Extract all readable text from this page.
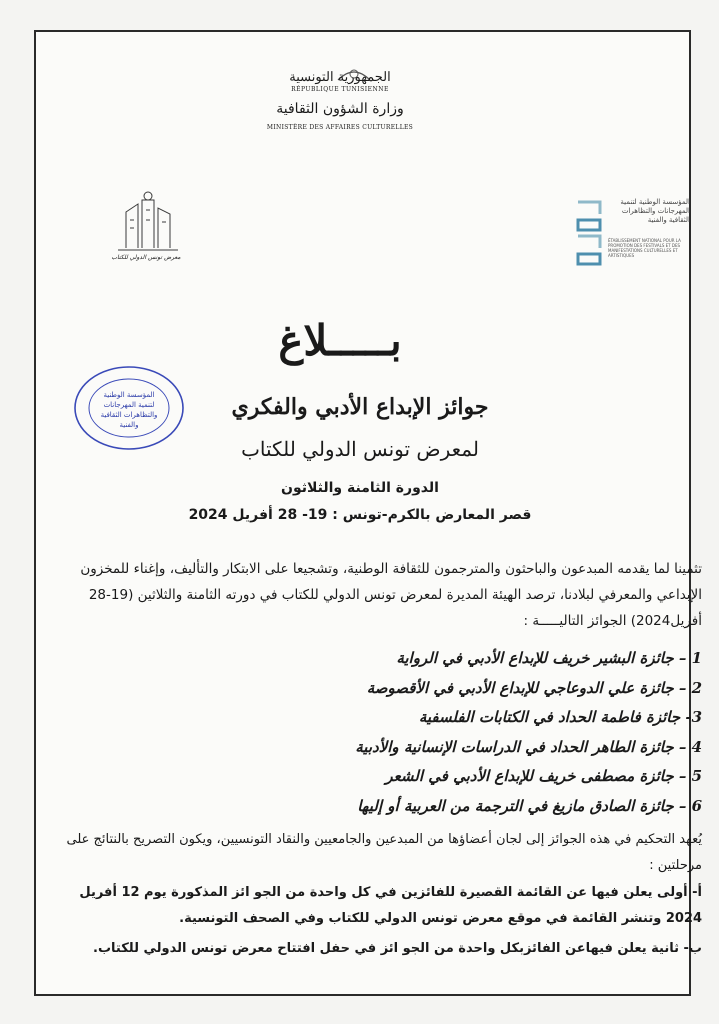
الجمهورية التونسية
RÉPUBLIQUE TUNISIENNE
وزارة الشؤون الثقافية
MINISTÈRE DES AFFAIRES CULTURELLES
معرض تونس الدولي للكتاب
المؤسسة الوطنية لتنمية المهرجانات والتظاهرات الثقافية والفنية
ÉTABLISSEMENT NATIONAL POUR LA PROMOTION DES FESTIVALS ET DES MANIFESTATIONS CULTURELLES ET ARTISTIQUES
المؤسسة الوطنية
لتنمية المهرجانات
والتظاهرات الثقافية
والفنية
بـــــلاغ
جوائز الإبداع الأدبي والفكري
لمعرض تونس الدولي للكتاب
الدورة الثامنة والثلاثون
قصر المعارض بالكرم-تونس : 19- 28 أفريل 2024
تثمينا لما يقدمه المبدعون والباحثون والمترجمون للثقافة الوطنية، وتشجيعا على الابتكار والتأليف، وإغناء للمخزون الإبداعي والمعرفي لبلادنا، ترصد الهيئة المديرة لمعرض تونس الدولي للكتاب في دورته الثامنة والثلاثين (19-28 أفريل2024) الجوائز التاليـــــة :
1 – جائزة البشير خريف للإبداع الأدبي في الرواية
2 – جائزة علي الدوعاجي للإبداع الأدبي في الأقصوصة
3- جائزة فاطمة الحداد في الكتابات الفلسفية
4 – جائزة الطاهر الحداد في الدراسات الإنسانية والأدبية
5 – جائزة مصطفى خريف للإبداع الأدبي في الشعر
6 – جائزة الصادق مازيغ في الترجمة من العربية أو إليها
يُعهد التحكيم في هذه الجوائز إلى لجان أعضاؤها من المبدعين والجامعيين والنقاد التونسيين، ويكون التصريح بالنتائج على مرحلتين :
أ- أولى يعلن فيها عن القائمة القصيرة للفائزين في كل واحدة من الجو ائز المذكورة يوم 12 أفريل 2024 وتنشر القائمة في موقع معرض تونس الدولي للكتاب وفي الصحف التونسية.
ب- ثانية يعلن فيهاعن الفائزبكل واحدة من الجو ائز في حفل افتتاح معرض تونس الدولي للكتاب.
